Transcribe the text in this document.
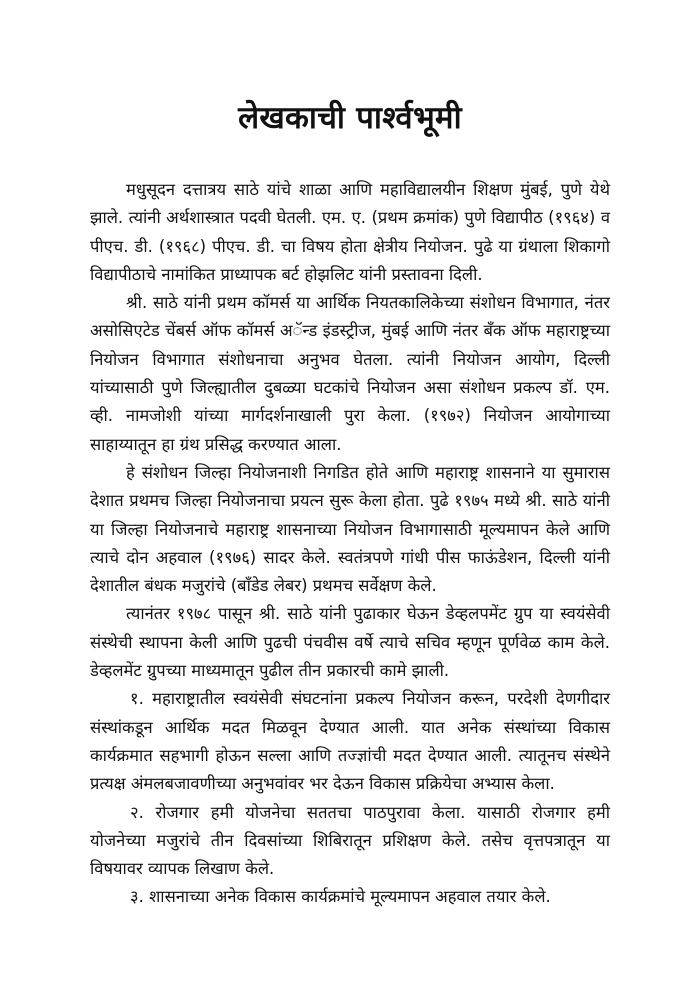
लेखकाची पार्श्वभूमी

मधुसूदन दत्तात्रय साठे यांचे शाळा आणि महाविद्यालयीन शिक्षण मुंबई, पुणे येथे झाले. त्यांनी अर्थशास्त्रात पदवी घेतली. एम. ए. (प्रथम क्रमांक) पुणे विद्यापीठ (१९६४) व पीएच. डी. (१९६८) पीएच. डी. चा विषय होता क्षेत्रीय नियोजन. पुढे या ग्रंथाला शिकागो विद्यापीठाचे नामांकित प्राध्यापक बर्ट होझलिट यांनी प्रस्तावना दिली.

श्री. साठे यांनी प्रथम कॉमर्स या आर्थिक नियतकालिकेच्या संशोधन विभागात, नंतर असोसिएटेड चेंबर्स ऑफ कॉमर्स अॅन्ड इंडस्ट्रीज, मुंबई आणि नंतर बँक ऑफ महाराष्ट्रच्या नियोजन विभागात संशोधनाचा अनुभव घेतला. त्यांनी नियोजन आयोग, दिल्ली यांच्यासाठी पुणे जिल्ह्यातील दुबळ्या घटकांचे नियोजन असा संशोधन प्रकल्प डॉ. एम. व्ही. नामजोशी यांच्या मार्गदर्शनाखाली पुरा केला. (१९७२) नियोजन आयोगाच्या साहाय्यातून हा ग्रंथ प्रसिद्ध करण्यात आला.

हे संशोधन जिल्हा नियोजनाशी निगडित होते आणि महाराष्ट्र शासनाने या सुमारास देशात प्रथमच जिल्हा नियोजनाचा प्रयत्न सुरू केला होता. पुढे १९७५ मध्ये श्री. साठे यांनी या जिल्हा नियोजनाचे महाराष्ट्र शासनाच्या नियोजन विभागासाठी मूल्यमापन केले आणि त्याचे दोन अहवाल (१९७६) सादर केले. स्वतंत्रपणे गांधी पीस फाऊंडेशन, दिल्ली यांनी देशातील बंधक मजुरांचे (बाँडेड लेबर) प्रथमच सर्वेक्षण केले.

त्यानंतर १९७८ पासून श्री. साठे यांनी पुढाकार घेऊन डेव्हलपमेंट ग्रुप या स्वयंसेवी संस्थेची स्थापना केली आणि पुढची पंचवीस वर्षे त्याचे सचिव म्हणून पूर्णवेळ काम केले. डेव्हलमेंट ग्रुपच्या माध्यमातून पुढील तीन प्रकारची कामे झाली.

१. महाराष्ट्रातील स्वयंसेवी संघटनांना प्रकल्प नियोजन करून, परदेशी देणगीदार संस्थांकडून आर्थिक मदत मिळवून देण्यात आली. यात अनेक संस्थांच्या विकास कार्यक्रमात सहभागी होऊन सल्ला आणि तज्ज्ञांची मदत देण्यात आली. त्यातूनच संस्थेने प्रत्यक्ष अंमलबजावणीच्या अनुभवांवर भर देऊन विकास प्रक्रियेचा अभ्यास केला.

२. रोजगार हमी योजनेचा सततचा पाठपुरावा केला. यासाठी रोजगार हमी योजनेच्या मजुरांचे तीन दिवसांच्या शिबिरातून प्रशिक्षण केले. तसेच वृत्तपत्रातून या विषयावर व्यापक लिखाण केले.

३. शासनाच्या अनेक विकास कार्यक्रमांचे मूल्यमापन अहवाल तयार केले.
